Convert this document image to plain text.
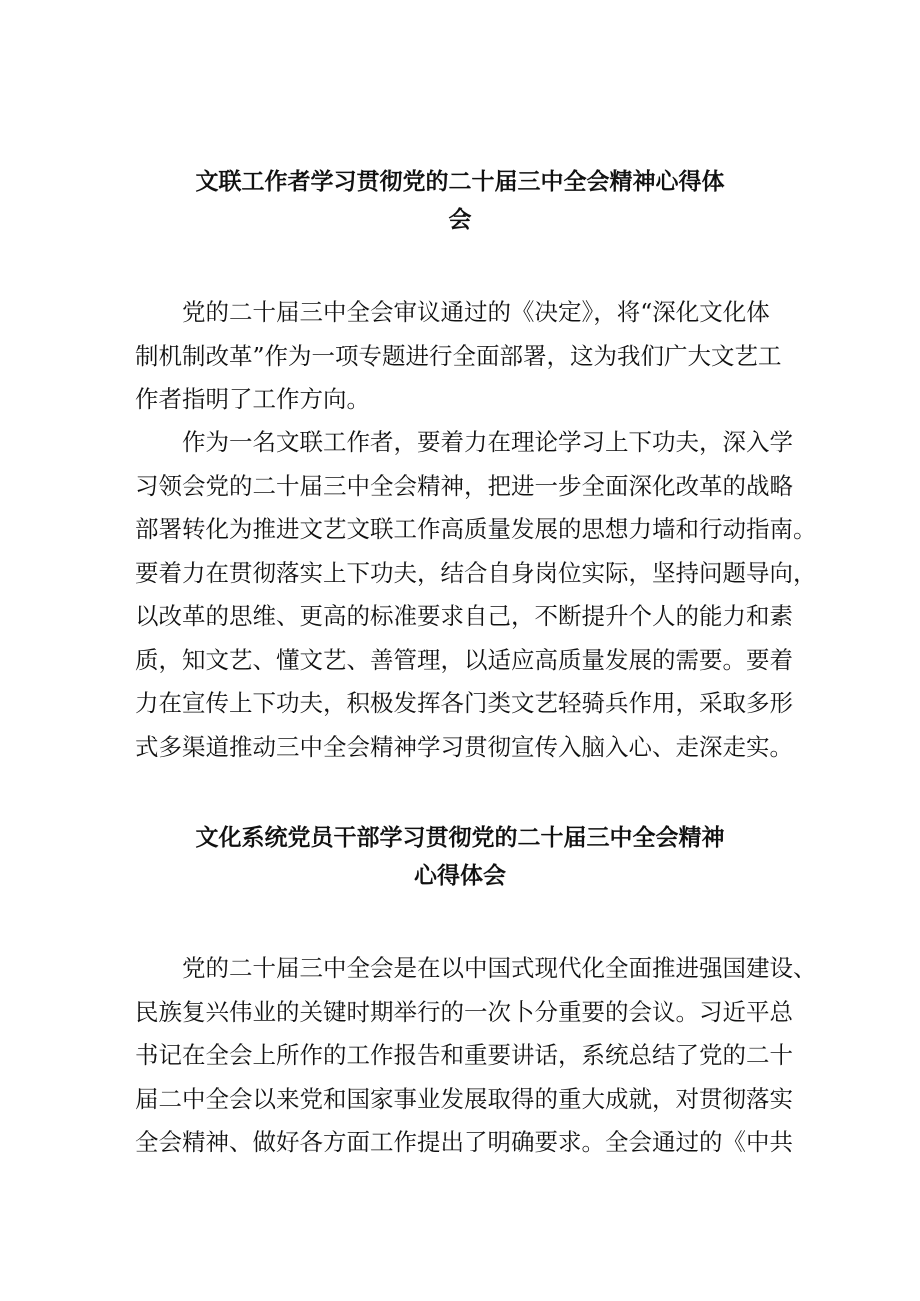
文联工作者学习贯彻党的二十届三中全会精神心得体
会
党的二十届三中全会审议通过的《决定》，将“深化文化体
制机制改革”作为一项专题进行全面部署，这为我们广大文艺工
作者指明了工作方向。
作为一名文联工作者，要着力在理论学习上下功夫，深入学
习领会党的二十届三中全会精神，把进一步全面深化改革的战略
部署转化为推进文艺文联工作高质量发展的思想力墙和行动指南。
要着力在贯彻落实上下功夫，结合自身岗位实际，坚持问题导向，
以改革的思维、更高的标准要求自己，不断提升个人的能力和素
质，知文艺、懂文艺、善管理，以适应高质量发展的需要。要着
力在宣传上下功夫，积极发挥各门类文艺轻骑兵作用，采取多形
式多渠道推动三中全会精神学习贯彻宣传入脑入心、走深走实。
文化系统党员干部学习贯彻党的二十届三中全会精神
心得体会
党的二十届三中全会是在以中国式现代化全面推进强国建设、
民族复兴伟业的关键时期举行的一次卜分重要的会议。习近平总
书记在全会上所作的工作报告和重要讲话，系统总结了党的二十
届二中全会以来党和国家事业发展取得的重大成就，对贯彻落实
全会精神、做好各方面工作提出了明确要求。全会通过的《中共
